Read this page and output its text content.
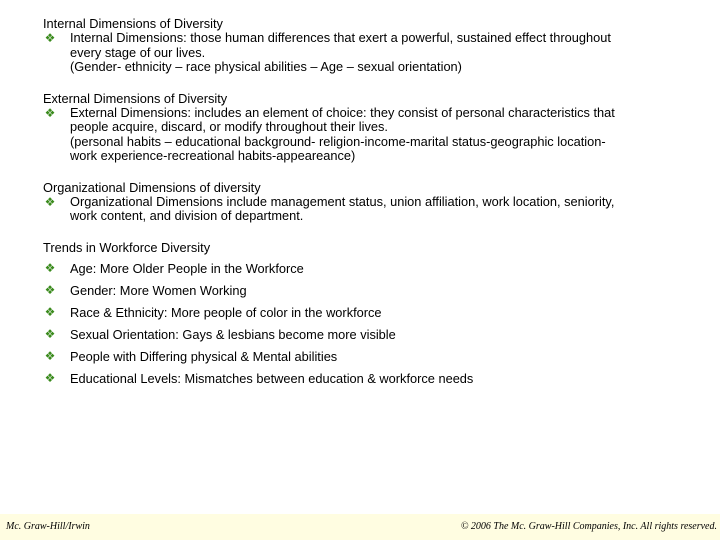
Internal Dimensions of Diversity
❖ Internal Dimensions: those human differences that exert a powerful, sustained effect throughout
every stage of our lives.
(Gender- ethnicity – race physical abilities – Age – sexual orientation)
External Dimensions of Diversity
❖ External Dimensions: includes an element of choice: they consist of personal characteristics that
people acquire, discard, or modify throughout their lives.
(personal habits – educational background- religion-income-marital status-geographic location-
work experience-recreational habits-appeareance)
Organizational Dimensions of diversity
❖ Organizational Dimensions include management status, union affiliation, work location, seniority,
work content, and division of department.
Trends in Workforce Diversity
❖ Age: More Older People in the Workforce
❖ Gender: More Women Working
❖ Race & Ethnicity: More people of color in the workforce
❖ Sexual Orientation: Gays & lesbians become more visible
❖ People with Differing physical & Mental abilities
❖ Educational Levels: Mismatches between education & workforce needs
Mc. Graw-Hill/Irwin	© 2006 The Mc. Graw-Hill Companies, Inc. All rights reserved.
